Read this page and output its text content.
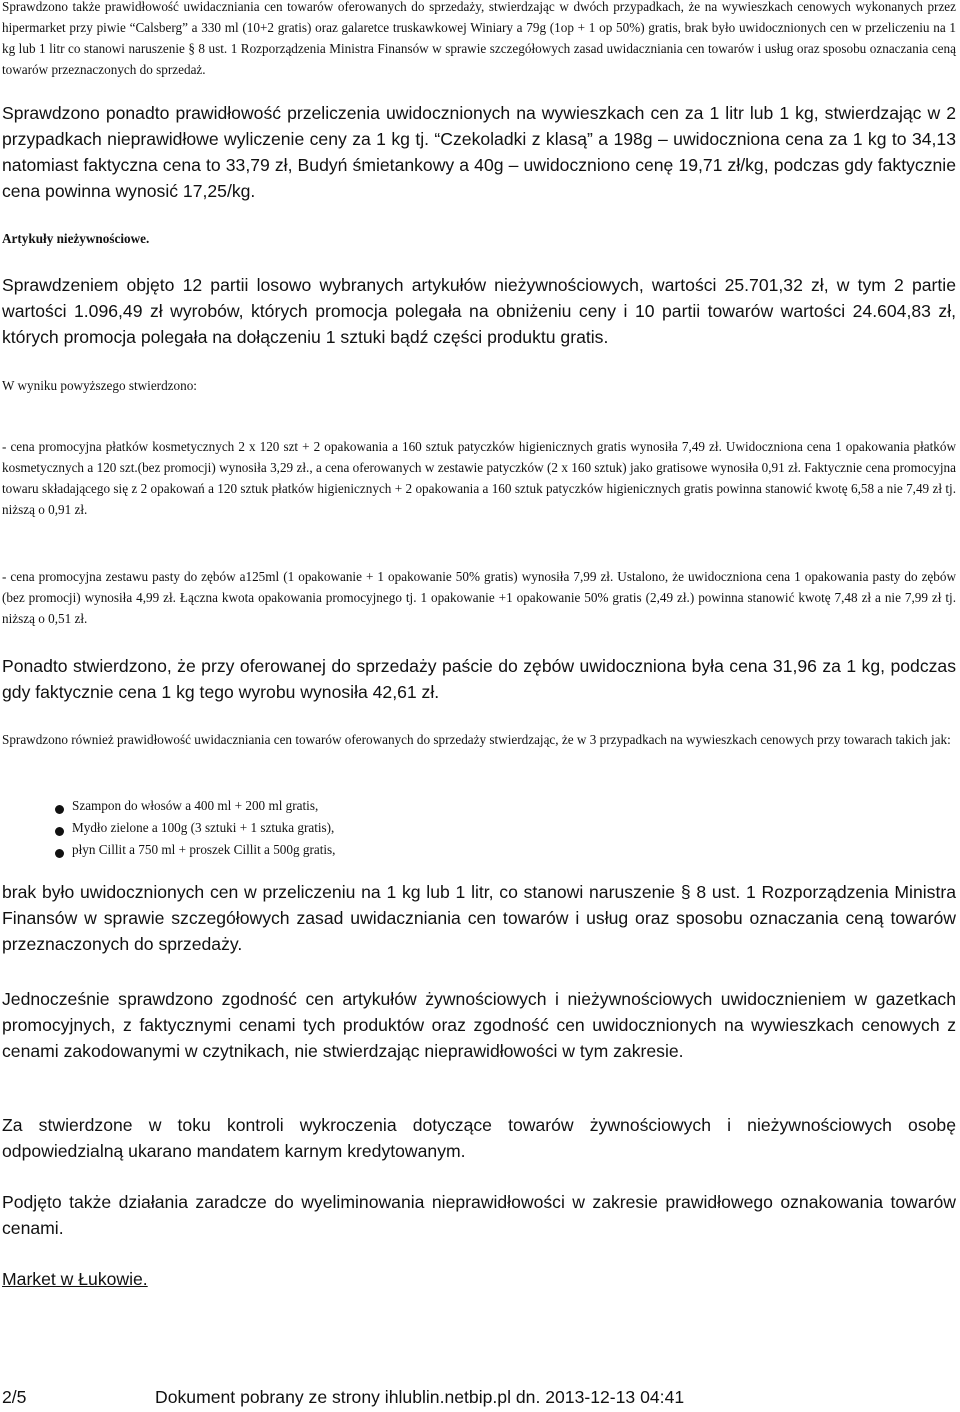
Sprawdzono także prawidłowość uwidaczniania cen towarów oferowanych do sprzedaży, stwierdzając w dwóch przypadkach, że na wywieszkach cenowych wykonanych przez hipermarket przy piwie “Calsberg” a 330 ml (10+2 gratis) oraz galaretce truskawkowej Winiary a 79g (1op + 1 op 50%) gratis, brak było uwidocznionych cen w przeliczeniu na 1 kg lub 1 litr co stanowi naruszenie § 8 ust. 1 Rozporządzenia Ministra Finansów w sprawie szczegółowych zasad uwidaczniania cen towarów i usług oraz sposobu oznaczania ceną towarów przeznaczonych do sprzedaż.

Sprawdzono ponadto prawidłowość przeliczenia uwidocznionych na wywieszkach cen za 1 litr lub 1 kg, stwierdzając w 2 przypadkach nieprawidłowe wyliczenie ceny za 1 kg tj. “Czekoladki z klasą” a 198g – uwidoczniona cena za 1 kg to 34,13 natomiast faktyczna cena to 33,79 zł, Budyń śmietankowy a 40g – uwidoczniono cenę 19,71 zł/kg, podczas gdy faktycznie cena powinna wynosić 17,25/kg.

Artykuły nieżywnościowe.

Sprawdzeniem objęto 12 partii losowo wybranych artykułów nieżywnościowych, wartości 25.701,32 zł, w tym 2 partie wartości 1.096,49 zł wyrobów, których promocja polegała na obniżeniu ceny i 10 partii towarów wartości 24.604,83 zł, których promocja polegała na dołączeniu 1 sztuki bądź części produktu gratis.

W wyniku powyższego stwierdzono:

- cena promocyjna płatków kosmetycznych 2 x 120 szt + 2 opakowania a 160 sztuk patyczków higienicznych gratis wynosiła 7,49 zł. Uwidoczniona cena 1 opakowania płatków kosmetycznych a 120 szt.(bez promocji) wynosiła 3,29 zł., a cena oferowanych w zestawie patyczków (2 x 160 sztuk) jako gratisowe wynosiła 0,91 zł. Faktycznie cena promocyjna towaru składającego się z 2 opakowań a 120 sztuk płatków higienicznych + 2 opakowania a 160 sztuk patyczków higienicznych gratis powinna stanowić kwotę 6,58 a nie 7,49 zł tj. niższą o 0,91 zł.

- cena promocyjna zestawu pasty do zębów a125ml (1 opakowanie + 1 opakowanie 50% gratis) wynosiła 7,99 zł. Ustalono, że uwidoczniona cena 1 opakowania pasty do zębów (bez promocji) wynosiła 4,99 zł. Łączna kwota opakowania promocyjnego tj. 1 opakowanie +1 opakowanie 50% gratis (2,49 zł.) powinna stanowić kwotę 7,48 zł a nie 7,99 zł tj. niższą o 0,51 zł.

Ponadto stwierdzono, że przy oferowanej do sprzedaży paście do zębów uwidoczniona była cena 31,96 za 1 kg, podczas gdy faktycznie cena 1 kg tego wyrobu wynosiła 42,61 zł.

Sprawdzono również prawidłowość uwidaczniania cen towarów oferowanych do sprzedaży stwierdzając, że w 3 przypadkach na wywieszkach cenowych przy towarach takich jak:

Szampon do włosów a 400 ml + 200 ml gratis,
Mydło zielone a 100g (3 sztuki + 1 sztuka gratis),
płyn Cillit a 750 ml + proszek Cillit a 500g gratis,

brak było uwidocznionych cen w przeliczeniu na 1 kg lub 1 litr, co stanowi naruszenie § 8 ust. 1 Rozporządzenia Ministra Finansów w sprawie szczegółowych zasad uwidaczniania cen towarów i usług oraz sposobu oznaczania ceną towarów przeznaczonych do sprzedaży.

Jednocześnie sprawdzono zgodność cen artykułów żywnościowych i nieżywnościowych uwidocznieniem w gazetkach promocyjnych, z faktycznymi cenami tych produktów oraz zgodność cen uwidocznionych na wywieszkach cenowych z cenami zakodowanymi w czytnikach, nie stwierdzając nieprawidłowości w tym zakresie.

Za stwierdzone w toku kontroli wykroczenia dotyczące towarów żywnościowych i nieżywnościowych osobę odpowiedzialną ukarano mandatem karnym kredytowanym.

Podjęto także działania zaradcze do wyeliminowania nieprawidłowości w zakresie prawidłowego oznakowania towarów cenami.

Market w Łukowie.

2/5	Dokument pobrany ze strony ihlublin.netbip.pl dn. 2013-12-13 04:41
